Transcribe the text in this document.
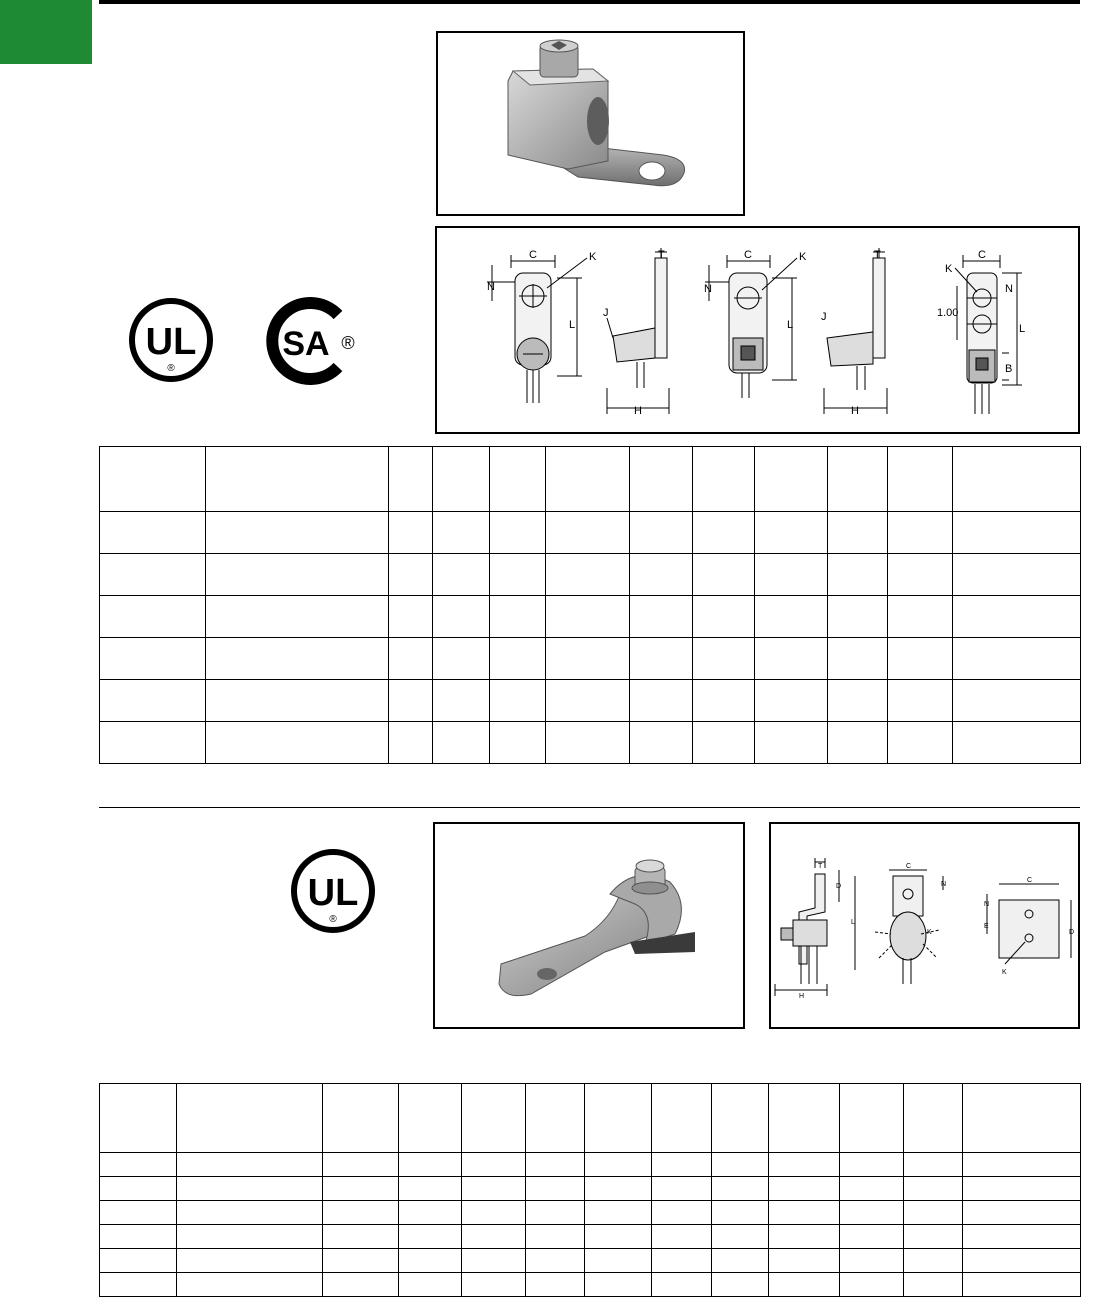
C	K
N
L
T
J
H
C	K
N
L
T
J
H
C
K
N
1.00
L
B
UL
®
SA ®

UL
®
T
D
L
H
C
N
K
C
N
E
D
K
